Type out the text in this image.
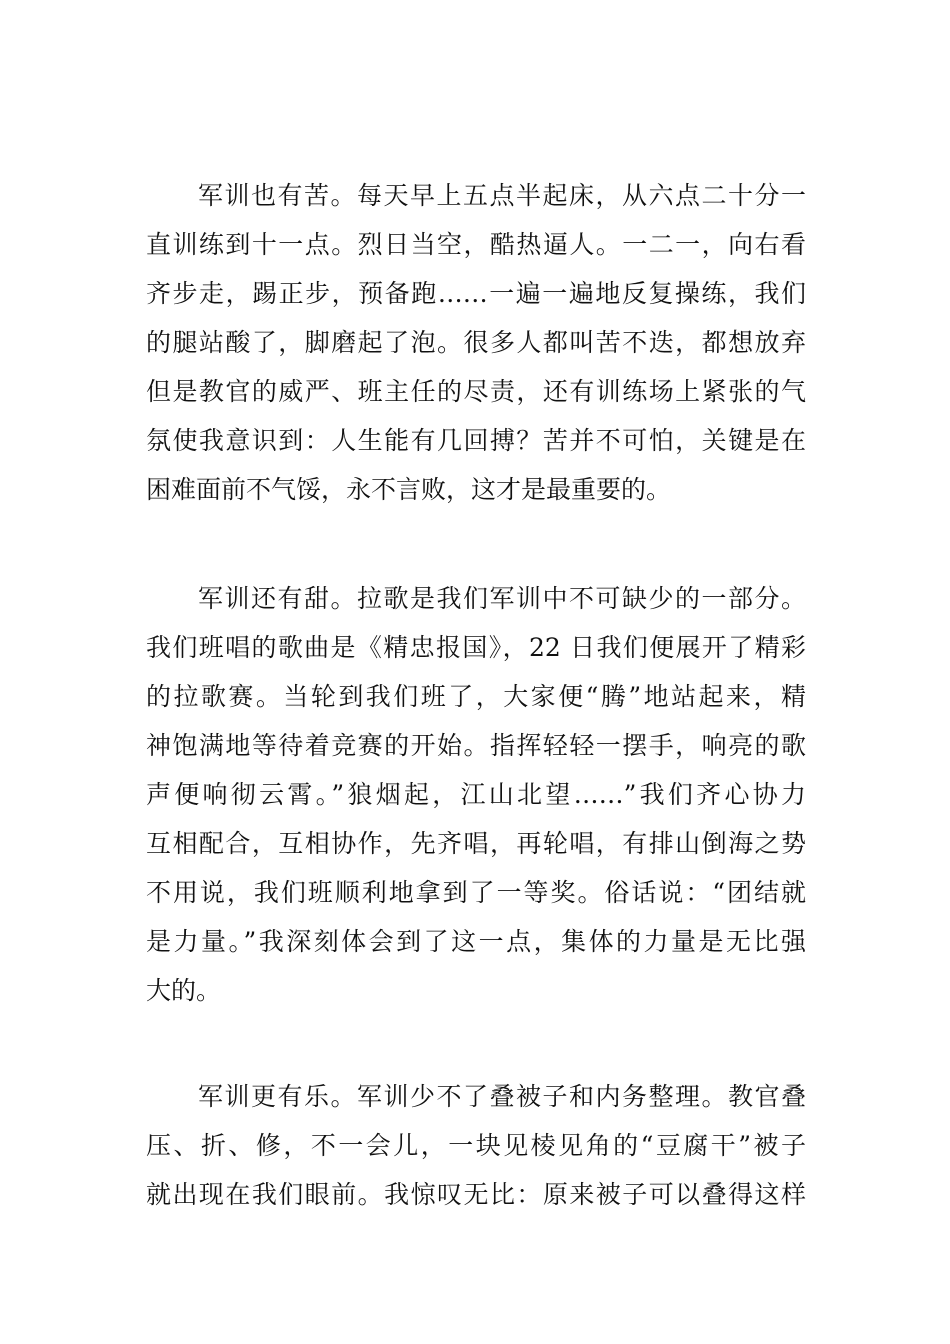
军训也有苦。每天早上五点半起床，从六点二十分一
直训练到十一点。烈日当空，酷热逼人。一二一，向右看
齐步走，踢正步，预备跑……一遍一遍地反复操练，我们
的腿站酸了，脚磨起了泡。很多人都叫苦不迭，都想放弃
但是教官的威严、班主任的尽责，还有训练场上紧张的气
氛使我意识到：人生能有几回搏？苦并不可怕，关键是在
困难面前不气馁，永不言败，这才是最重要的。
军训还有甜。拉歌是我们军训中不可缺少的一部分。
我们班唱的歌曲是《精忠报国》，22 日我们便展开了精彩
的拉歌赛。当轮到我们班了，大家便“腾”地站起来，精
神饱满地等待着竞赛的开始。指挥轻轻一摆手，响亮的歌
声便响彻云霄。”狼烟起，江山北望……”我们齐心协力
互相配合，互相协作，先齐唱，再轮唱，有排山倒海之势
不用说，我们班顺利地拿到了一等奖。俗话说：“团结就
是力量。”我深刻体会到了这一点，集体的力量是无比强
大的。
军训更有乐。军训少不了叠被子和内务整理。教官叠
压、折、修，不一会儿，一块见棱见角的“豆腐干”被子
就出现在我们眼前。我惊叹无比：原来被子可以叠得这样
